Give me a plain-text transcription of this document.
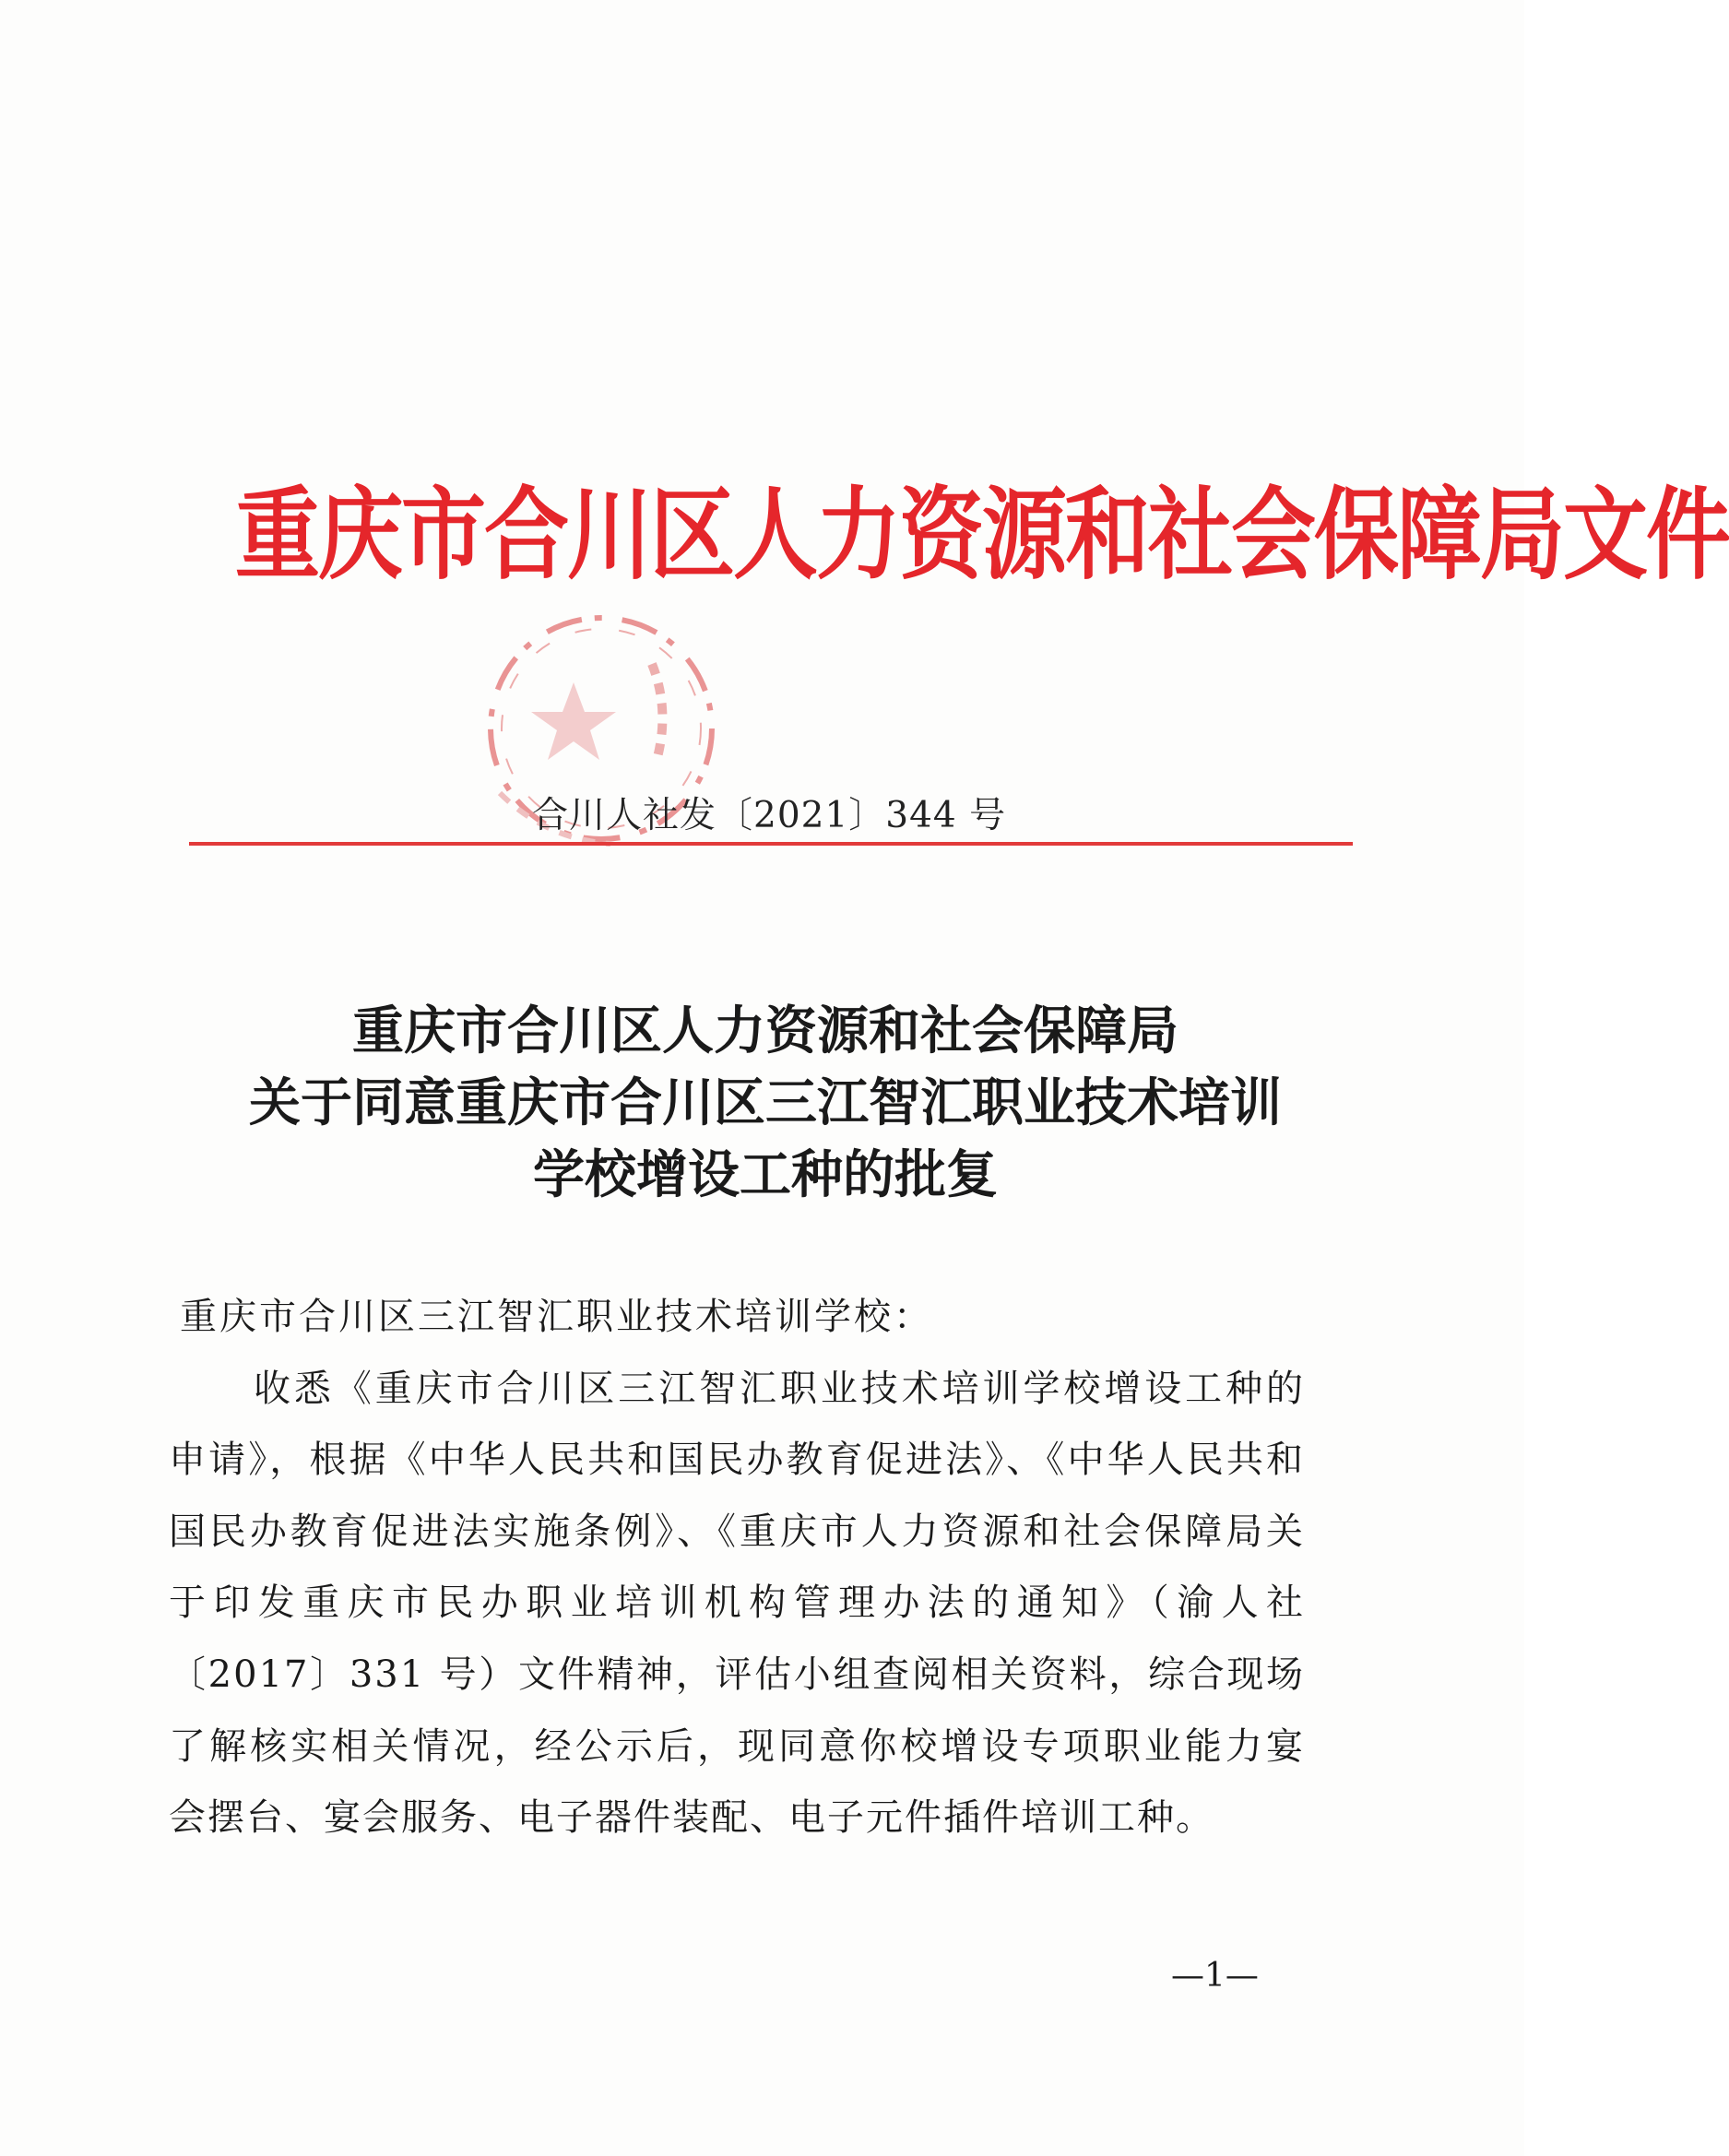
重庆市合川区人力资源和社会保障局文件
合川人社发〔2021〕344 号
重庆市合川区人力资源和社会保障局
关于同意重庆市合川区三江智汇职业技术培训
学校增设工种的批复
重庆市合川区三江智汇职业技术培训学校：
收悉《重庆市合川区三江智汇职业技术培训学校增设工种的
申请》，根据《中华人民共和国民办教育促进法》、《中华人民共和
国民办教育促进法实施条例》、《重庆市人力资源和社会保障局关
于印发重庆市民办职业培训机构管理办法的通知》（渝人社
〔2017〕331 号）文件精神，评估小组查阅相关资料，综合现场
了解核实相关情况，经公示后，现同意你校增设专项职业能力宴
会摆台、宴会服务、电子器件装配、电子元件插件培训工种。
—1—
